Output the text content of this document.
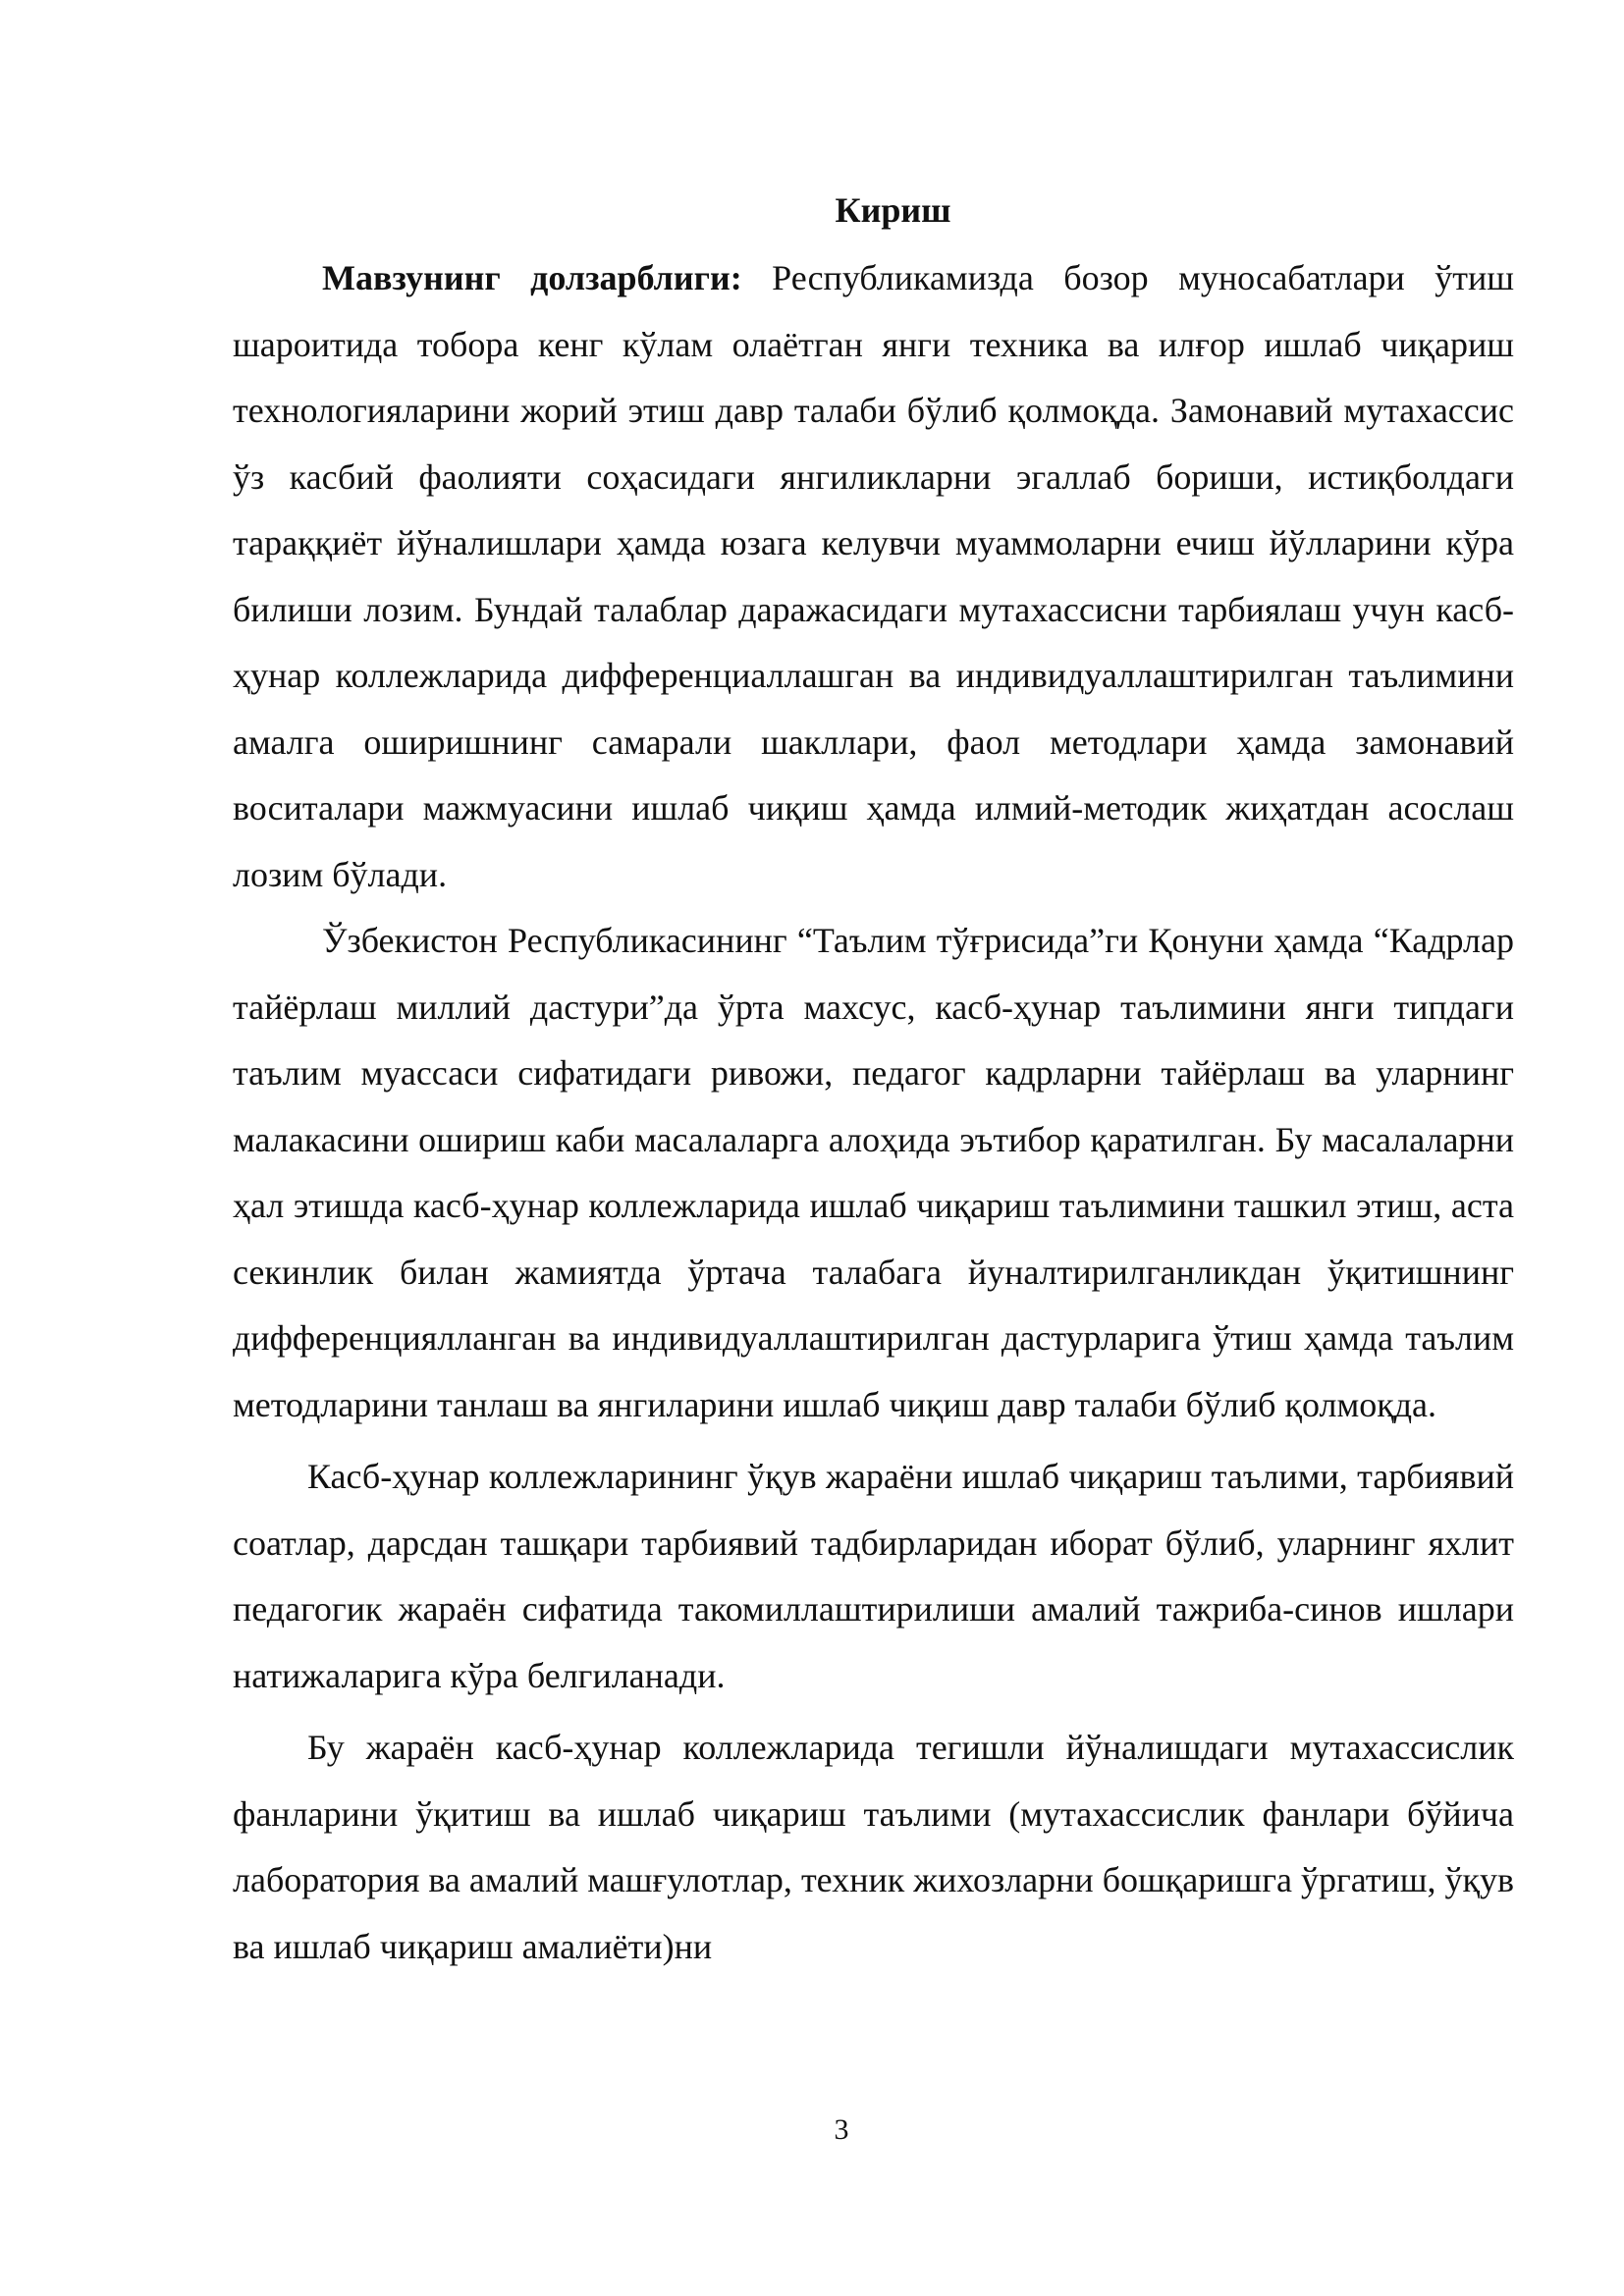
Кириш

Мавзунинг долзарблиги: Республикамизда бозор муносабатлари ўтиш шароитида тобора кенг кўлам олаётган янги техника ва илғор ишлаб чиқариш технологияларини жорий этиш давр талаби бўлиб қолмоқда. Замонавий мутахассис ўз касбий фаолияти соҳасидаги янгиликларни эгаллаб бориши, истиқболдаги тараққиёт йўналишлари ҳамда юзага келувчи муаммоларни ечиш йўлларини кўра билиши лозим. Бундай талаблар даражасидаги мутахассисни тарбиялаш учун касб-ҳунар коллежларида дифференциаллашган ва индивидуаллаштирилган таълимини амалга оширишнинг самарали шакллари, фаол методлари ҳамда замонавий воситалари мажмуасини ишлаб чиқиш ҳамда илмий-методик жиҳатдан асослаш лозим бўлади.

Ўзбекистон Республикасининг “Таълим тўғрисида”ги Қонуни ҳамда “Кадрлар тайёрлаш миллий дастури”да ўрта махсус, касб-ҳунар таълимини янги типдаги таълим муассаси сифатидаги ривожи, педагог кадрларни тайёрлаш ва уларнинг малакасини ошириш каби масалаларга алоҳида эътибор қаратилган. Бу масалаларни ҳал этишда касб-ҳунар коллежларида ишлаб чиқариш таълимини ташкил этиш, аста секинлик билан жамиятда ўртача талабага йуналтирилганликдан ўқитишнинг дифференциялланган ва индивидуаллаштирилган дастурларига ўтиш ҳамда таълим методларини танлаш ва янгиларини ишлаб чиқиш давр талаби бўлиб қолмоқда.

Касб-ҳунар коллежларининг ўқув жараёни ишлаб чиқариш таълими, тарбиявий соатлар, дарсдан ташқари тарбиявий тадбирларидан иборат бўлиб, уларнинг яхлит педагогик жараён сифатида такомиллаштирилиши амалий тажриба-синов ишлари натижаларига кўра белгиланади.

Бу жараён касб-ҳунар коллежларида тегишли йўналишдаги мутахассислик фанларини ўқитиш ва ишлаб чиқариш таълими (мутахассислик фанлари бўйича лаборатория ва амалий машғулотлар, техник жихозларни бошқаришга ўргатиш, ўқув ва ишлаб чиқариш амалиёти)ни

3
